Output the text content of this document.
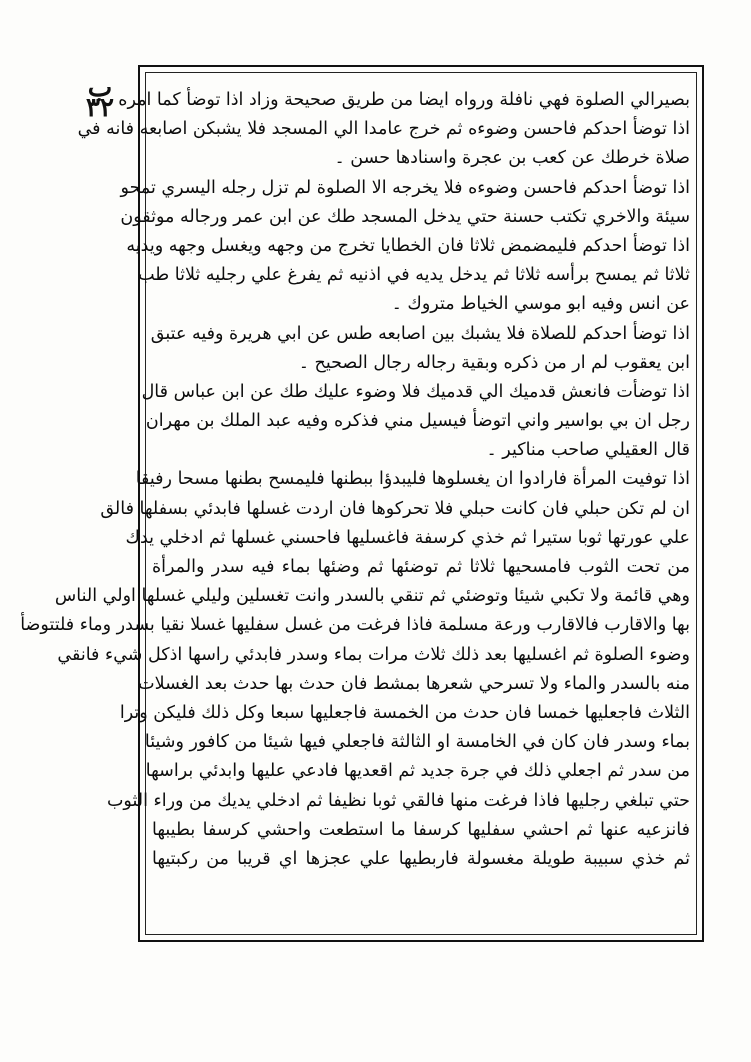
ب ٣٢
بصيرالي الصلوة فهي نافلة ورواه ايضا من طريق صحيحة وزاد اذا توضأ كما امره ۔
اذا توضأ احدكم فاحسن وضوءه ثم خرج عامدا الي المسجد فلا يشبكن اصابعه فانه في
صلاة خرطك عن كعب بن عجرة واسنادها حسن ۔
اذا توضأ احدكم فاحسن وضوءه فلا يخرجه الا الصلوة لم تزل رجله اليسري تمحو
سيئة والاخري تكتب حسنة حتي يدخل المسجد طك عن ابن عمر ورجاله موثقون
اذا توضأ احدكم فليمضمض ثلاثا فان الخطايا تخرج من وجهه ويغسل وجهه ويديه
ثلاثا ثم يمسح برأسه ثلاثا ثم يدخل يديه في اذنيه ثم يفرغ علي رجليه ثلاثا طب
عن انس وفيه ابو موسي الخياط متروك ۔
اذا توضأ احدكم للصلاة فلا يشبك بين اصابعه طس عن ابي هريرة وفيه عتبق
ابن يعقوب لم ار من ذكره وبقية رجاله رجال الصحيح ۔
اذا توضأت فانعش قدميك الي قدميك فلا وضوء عليك طك عن ابن عباس قال
رجل ان بي بواسير واني اتوضأ فيسيل مني فذكره وفيه عبد الملك بن مهران
قال العقيلي صاحب مناكير ۔
اذا توفيت المرأة فارادوا ان يغسلوها فليبدؤا ببطنها فليمسح بطنها مسحا رفيقا
ان لم تكن حبلي فان كانت حبلي فلا تحركوها فان اردت غسلها فابدئي بسفلها فالق
علي عورتها ثوبا ستيرا ثم خذي كرسفة فاغسليها فاحسني غسلها ثم ادخلي يدك
من تحت الثوب فامسحيها ثلاثا ثم توضئها ثم وضئها بماء فيه سدر والمرأة
وهي قائمة ولا تكبي شيئا وتوضئي ثم تنقي بالسدر وانت تغسلين وليلي غسلها اولي الناس
بها والاقارب فالاقارب ورعة مسلمة فاذا فرغت من غسل سفليها غسلا نقيا بسدر وماء فلتتوضأ
وضوء الصلوة ثم اغسليها بعد ذلك ثلاث مرات بماء وسدر فابدئي راسها اذكل شيء فانقي
منه بالسدر والماء ولا تسرحي شعرها بمشط فان حدث بها حدث بعد الغسلات
الثلاث فاجعليها خمسا فان حدث من الخمسة فاجعليها سبعا وكل ذلك فليكن وترا
بماء وسدر فان كان في الخامسة او الثالثة فاجعلي فيها شيئا من كافور وشيئا
من سدر ثم اجعلي ذلك في جرة جديد ثم اقعديها فادعي عليها وابدئي براسها
حتي تبلغي رجليها فاذا فرغت منها فالقي ثوبا نظيفا ثم ادخلي يديك من وراء الثوب
فانزعيه عنها ثم احشي سفليها كرسفا ما استطعت واحشي كرسفا بطيبها
ثم خذي سبيبة طويلة مغسولة فاربطيها علي عجزها اي قريبا من ركبتيها
